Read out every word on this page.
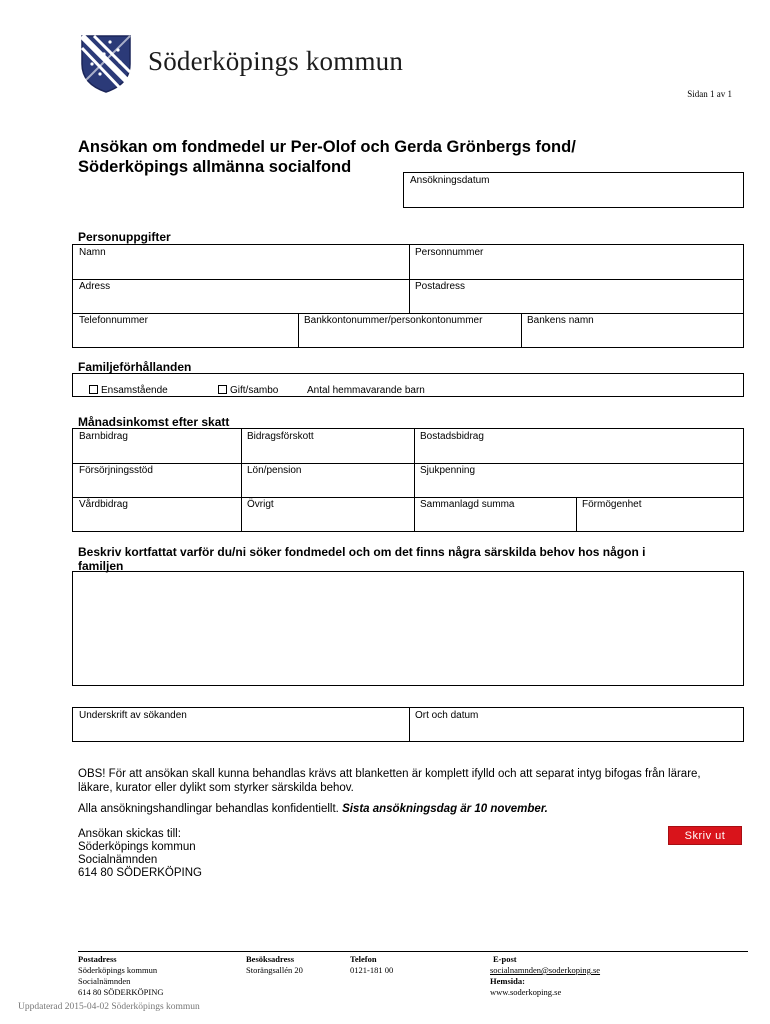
Söderköpings kommun
Sidan 1 av 1
Ansökan om fondmedel ur Per-Olof och Gerda Grönbergs fond/
Söderköpings allmänna socialfond
Ansökningsdatum
Personuppgifter
Namn	Personnummer
Adress	Postadress
Telefonnummer	Bankkontonummer/personkontonummer	Bankens namn
Familjeförhållanden
Ensamstående	Gift/sambo	Antal hemmavarande barn
Månadsinkomst efter skatt
Barnbidrag	Bidragsförskott	Bostadsbidrag
Försörjningsstöd	Lön/pension	Sjukpenning
Vårdbidrag	Övrigt	Sammanlagd summa	Förmögenhet
Beskriv kortfattat varför du/ni söker fondmedel och om det finns några särskilda behov hos någon i
familjen
Underskrift av sökanden	Ort och datum
OBS! För att ansökan skall kunna behandlas krävs att blanketten är komplett ifylld och att separat intyg bifogas från lärare,
läkare, kurator eller dylikt som styrker särskilda behov.
Alla ansökningshandlingar behandlas konfidentiellt. Sista ansökningsdag är 10 november.
Ansökan skickas till:
Söderköpings kommun
Socialnämnden
614 80 SÖDERKÖPING
Skriv ut
Postadress
Söderköpings kommun
Socialnämnden
614 80 SÖDERKÖPING
Besöksadress
Storängsallén 20
Telefon
0121-181 00
E-post
socialnamnden@soderkoping.se
Hemsida:
www.soderkoping.se
Uppdaterad 2015-04-02 Söderköpings kommun
